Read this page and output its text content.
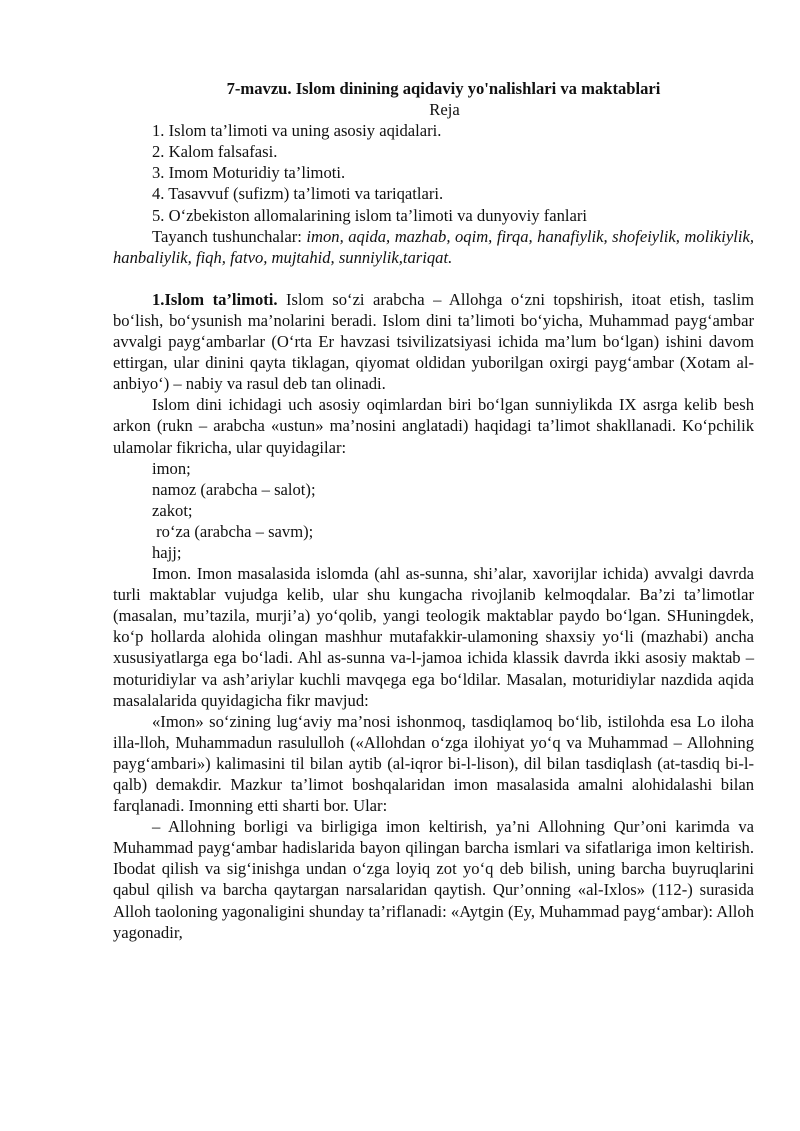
7-mavzu. Islom dinining aqidaviy yo'nalishlari va maktablari

Reja

1. Islom ta’limoti va uning asosiy aqidalari.

2. Kalom falsafasi.

3. Imom Moturidiy ta’limoti.

4. Tasavvuf (sufizm) ta’limoti va tariqatlari.

5. O‘zbekiston allomalarining islom ta’limoti va dunyoviy fanlari

Tayanch tushunchalar: imon, aqida, mazhab, oqim, firqa, hanafiylik, shofeiylik, molikiylik, hanbaliylik, fiqh, fatvo, mujtahid, sunniylik,tariqat.

1.Islom ta’limoti. Islom so‘zi arabcha – Allohga o‘zni topshirish, itoat etish, taslim bo‘lish, bo‘ysunish ma’nolarini beradi. Islom dini ta’limoti bo‘yicha, Muhammad payg‘ambar avvalgi payg‘ambarlar (O‘rta Er havzasi tsivilizatsiyasi ichida ma’lum bo‘lgan) ishini davom ettirgan, ular dinini qayta tiklagan, qiyomat oldidan yuborilgan oxirgi payg‘ambar (Xotam al-anbiyo‘) – nabiy va rasul deb tan olinadi.

Islom dini ichidagi uch asosiy oqimlardan biri bo‘lgan sunniylikda IX asrga kelib besh arkon (rukn – arabcha «ustun» ma’nosini anglatadi) haqidagi ta’limot shakllanadi. Ko‘pchilik ulamolar fikricha, ular quyidagilar:

imon;

namoz (arabcha – salot);

zakot;

ro‘za (arabcha – savm);

hajj;

Imon. Imon masalasida islomda (ahl as-sunna, shi’alar, xavorijlar ichida) avvalgi davrda turli maktablar vujudga kelib, ular shu kungacha rivojlanib kelmoqdalar. Ba’zi ta’limotlar (masalan, mu’tazila, murji’a) yo‘qolib, yangi teologik maktablar paydo bo‘lgan. SHuningdek, ko‘p hollarda alohida olingan mashhur mutafakkir-ulamoning shaxsiy yo‘li (mazhabi) ancha xususiyatlarga ega bo‘ladi. Ahl as-sunna va-l-jamoa ichida klassik davrda ikki asosiy maktab – moturidiylar va ash’ariylar kuchli mavqega ega bo‘ldilar. Masalan, moturidiylar nazdida aqida masalalarida quyidagicha fikr mavjud:

«Imon» so‘zining lug‘aviy ma’nosi ishonmoq, tasdiqlamoq bo‘lib, istilohda esa Lo iloha illa-lloh, Muhammadun rasululloh («Allohdan o‘zga ilohiyat yo‘q va Muhammad – Allohning payg‘ambari») kalimasini til bilan aytib (al-iqror bi-l-lison), dil bilan tasdiqlash (at-tasdiq bi-l-qalb) demakdir. Mazkur ta’limot boshqalaridan imon masalasida amalni alohidalashi bilan farqlanadi. Imonning etti sharti bor. Ular:

– Allohning borligi va birligiga imon keltirish, ya’ni Allohning Qur’oni karimda va Muhammad payg‘ambar hadislarida bayon qilingan barcha ismlari va sifatlariga imon keltirish. Ibodat qilish va sig‘inishga undan o‘zga loyiq zot yo‘q deb bilish, uning barcha buyruqlarini qabul qilish va barcha qaytargan narsalaridan qaytish. Qur’onning «al-Ixlos» (112-) surasida Alloh taoloning yagonaligini shunday ta’riflanadi: «Aytgin (Ey, Muhammad payg‘ambar): Alloh yagonadir,
